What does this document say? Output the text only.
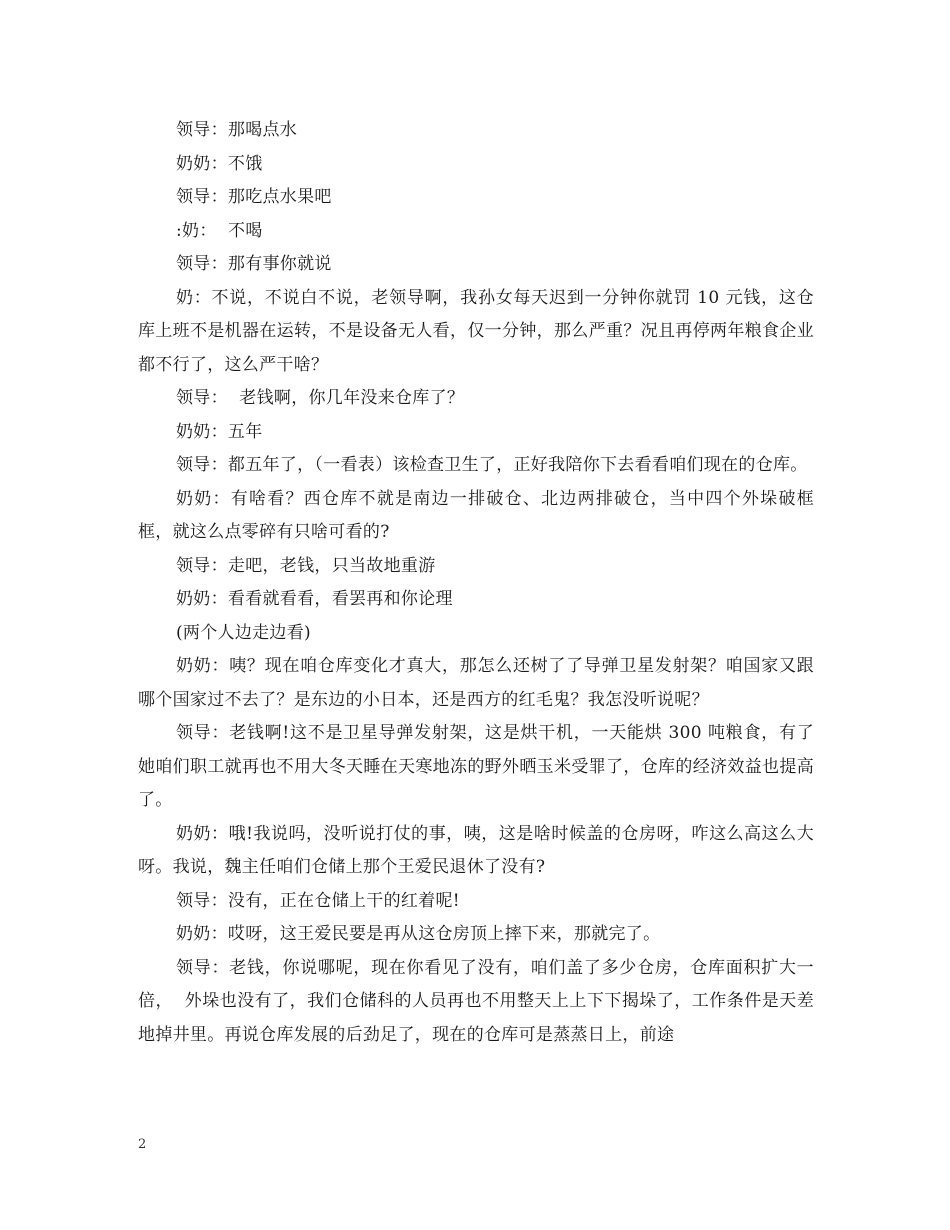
领导：那喝点水

奶奶：不饿

领导：那吃点水果吧

:奶：  不喝

领导：那有事你就说

奶：不说，不说白不说，老领导啊，我孙女每天迟到一分钟你就罚 10 元钱，这仓库上班不是机器在运转，不是设备无人看，仅一分钟，那么严重？况且再停两年粮食企业都不行了，这么严干啥？

领导：  老钱啊，你几年没来仓库了？

奶奶：五年

领导：都五年了，（一看表）该检查卫生了，正好我陪你下去看看咱们现在的仓库。

奶奶：有啥看？西仓库不就是南边一排破仓、北边两排破仓，当中四个外垛破框框，就这么点零碎有只啥可看的?

领导：走吧，老钱，只当故地重游

奶奶：看看就看看，看罢再和你论理

(两个人边走边看)

奶奶：咦？现在咱仓库变化才真大，那怎么还树了了导弹卫星发射架？咱国家又跟哪个国家过不去了？是东边的小日本，还是西方的红毛鬼？我怎没听说呢？

领导：老钱啊!这不是卫星导弹发射架，这是烘干机，一天能烘 300 吨粮食，有了她咱们职工就再也不用大冬天睡在天寒地冻的野外晒玉米受罪了，仓库的经济效益也提高了。

奶奶：哦!我说吗，没听说打仗的事，咦，这是啥时候盖的仓房呀，咋这么高这么大呀。我说，魏主任咱们仓储上那个王爱民退休了没有?

领导：没有，正在仓储上干的红着呢!

奶奶：哎呀，这王爱民要是再从这仓房顶上摔下来，那就完了。

领导：老钱，你说哪呢，现在你看见了没有，咱们盖了多少仓房，仓库面积扩大一倍，  外垛也没有了，我们仓储科的人员再也不用整天上上下下揭垛了，工作条件是天差地掉井里。再说仓库发展的后劲足了，现在的仓库可是蒸蒸日上，前途

2
